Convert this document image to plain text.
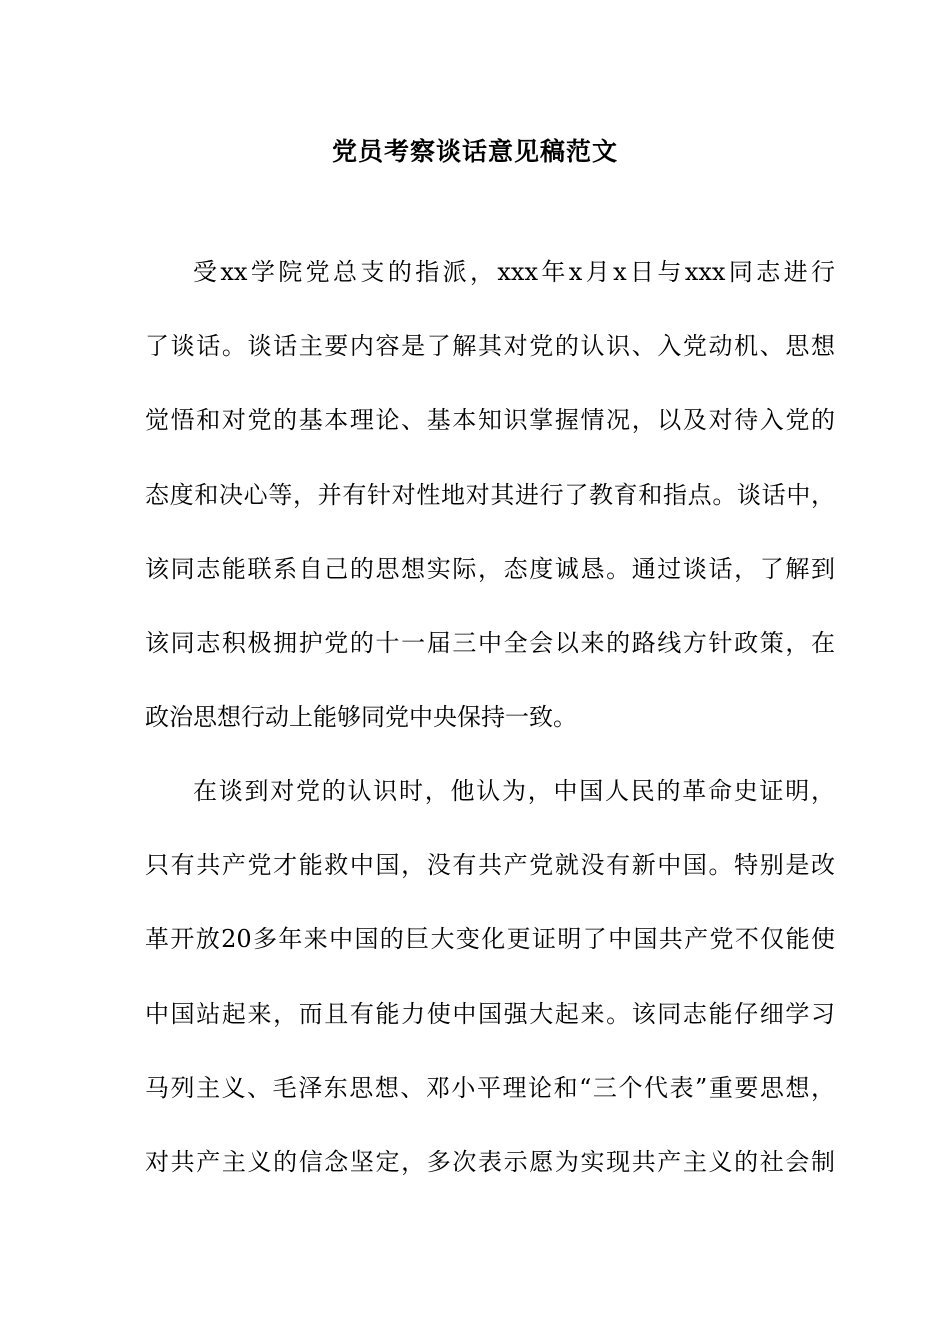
党员考察谈话意见稿范文
受xx学院党总支的指派，xxx年x月x日与xxx同志进行
了谈话。谈话主要内容是了解其对党的认识、入党动机、思想
觉悟和对党的基本理论、基本知识掌握情况，以及对待入党的
态度和决心等，并有针对性地对其进行了教育和指点。谈话中，
该同志能联系自己的思想实际，态度诚恳。通过谈话，了解到
该同志积极拥护党的十一届三中全会以来的路线方针政策，在
政治思想行动上能够同党中央保持一致。
在谈到对党的认识时，他认为，中国人民的革命史证明，
只有共产党才能救中国，没有共产党就没有新中国。特别是改
革开放20多年来中国的巨大变化更证明了中国共产党不仅能使
中国站起来，而且有能力使中国强大起来。该同志能仔细学习
马列主义、毛泽东思想、邓小平理论和“三个代表”重要思想，
对共产主义的信念坚定，多次表示愿为实现共产主义的社会制
